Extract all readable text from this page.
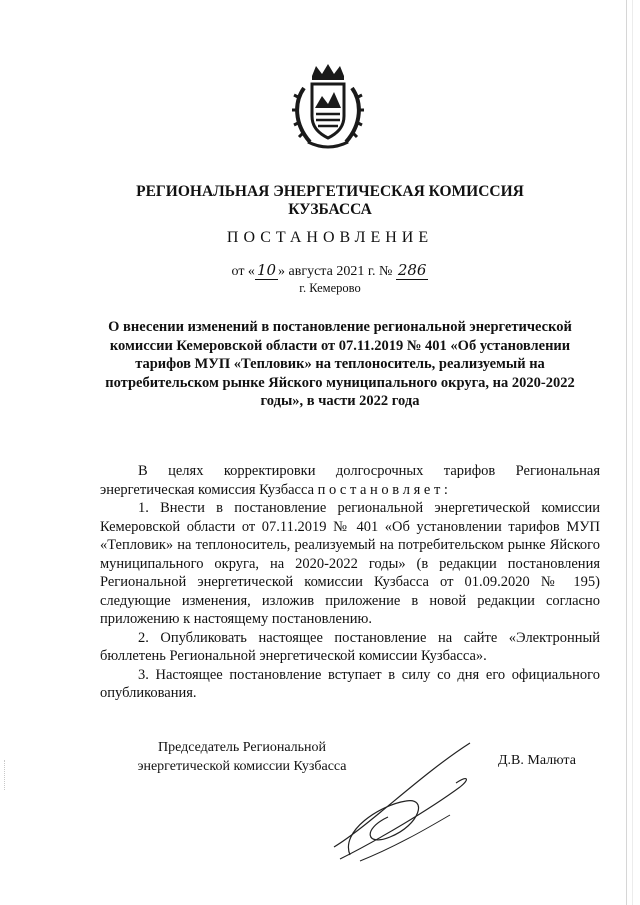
РЕГИОНАЛЬНАЯ ЭНЕРГЕТИЧЕСКАЯ КОМИССИЯ
КУЗБАССА
ПОСТАНОВЛЕНИЕ
от « 10 » августа 2021 г. № 286
г. Кемерово
О внесении изменений в постановление региональной энергетической комиссии Кемеровской области от 07.11.2019 № 401 «Об установлении тарифов МУП «Тепловик» на теплоноситель, реализуемый на потребительском рынке Яйского муниципального округа, на 2020-2022 годы», в части 2022 года

В целях корректировки долгосрочных тарифов Региональная энергетическая комиссия Кузбасса п о с т а н о в л я е т :

1. Внести в постановление региональной энергетической комиссии Кемеровской области от 07.11.2019 № 401 «Об установлении тарифов МУП «Тепловик» на теплоноситель, реализуемый на потребительском рынке Яйского муниципального округа, на 2020-2022 годы» (в редакции постановления Региональной энергетической комиссии Кузбасса от 01.09.2020 № 195) следующие изменения, изложив приложение в новой редакции согласно приложению к настоящему постановлению.

2. Опубликовать настоящее постановление на сайте «Электронный бюллетень Региональной энергетической комиссии Кузбасса».

3. Настоящее постановление вступает в силу со дня его официального опубликования.

Председатель Региональной
энергетической комиссии Кузбасса	Д.В. Малюта
